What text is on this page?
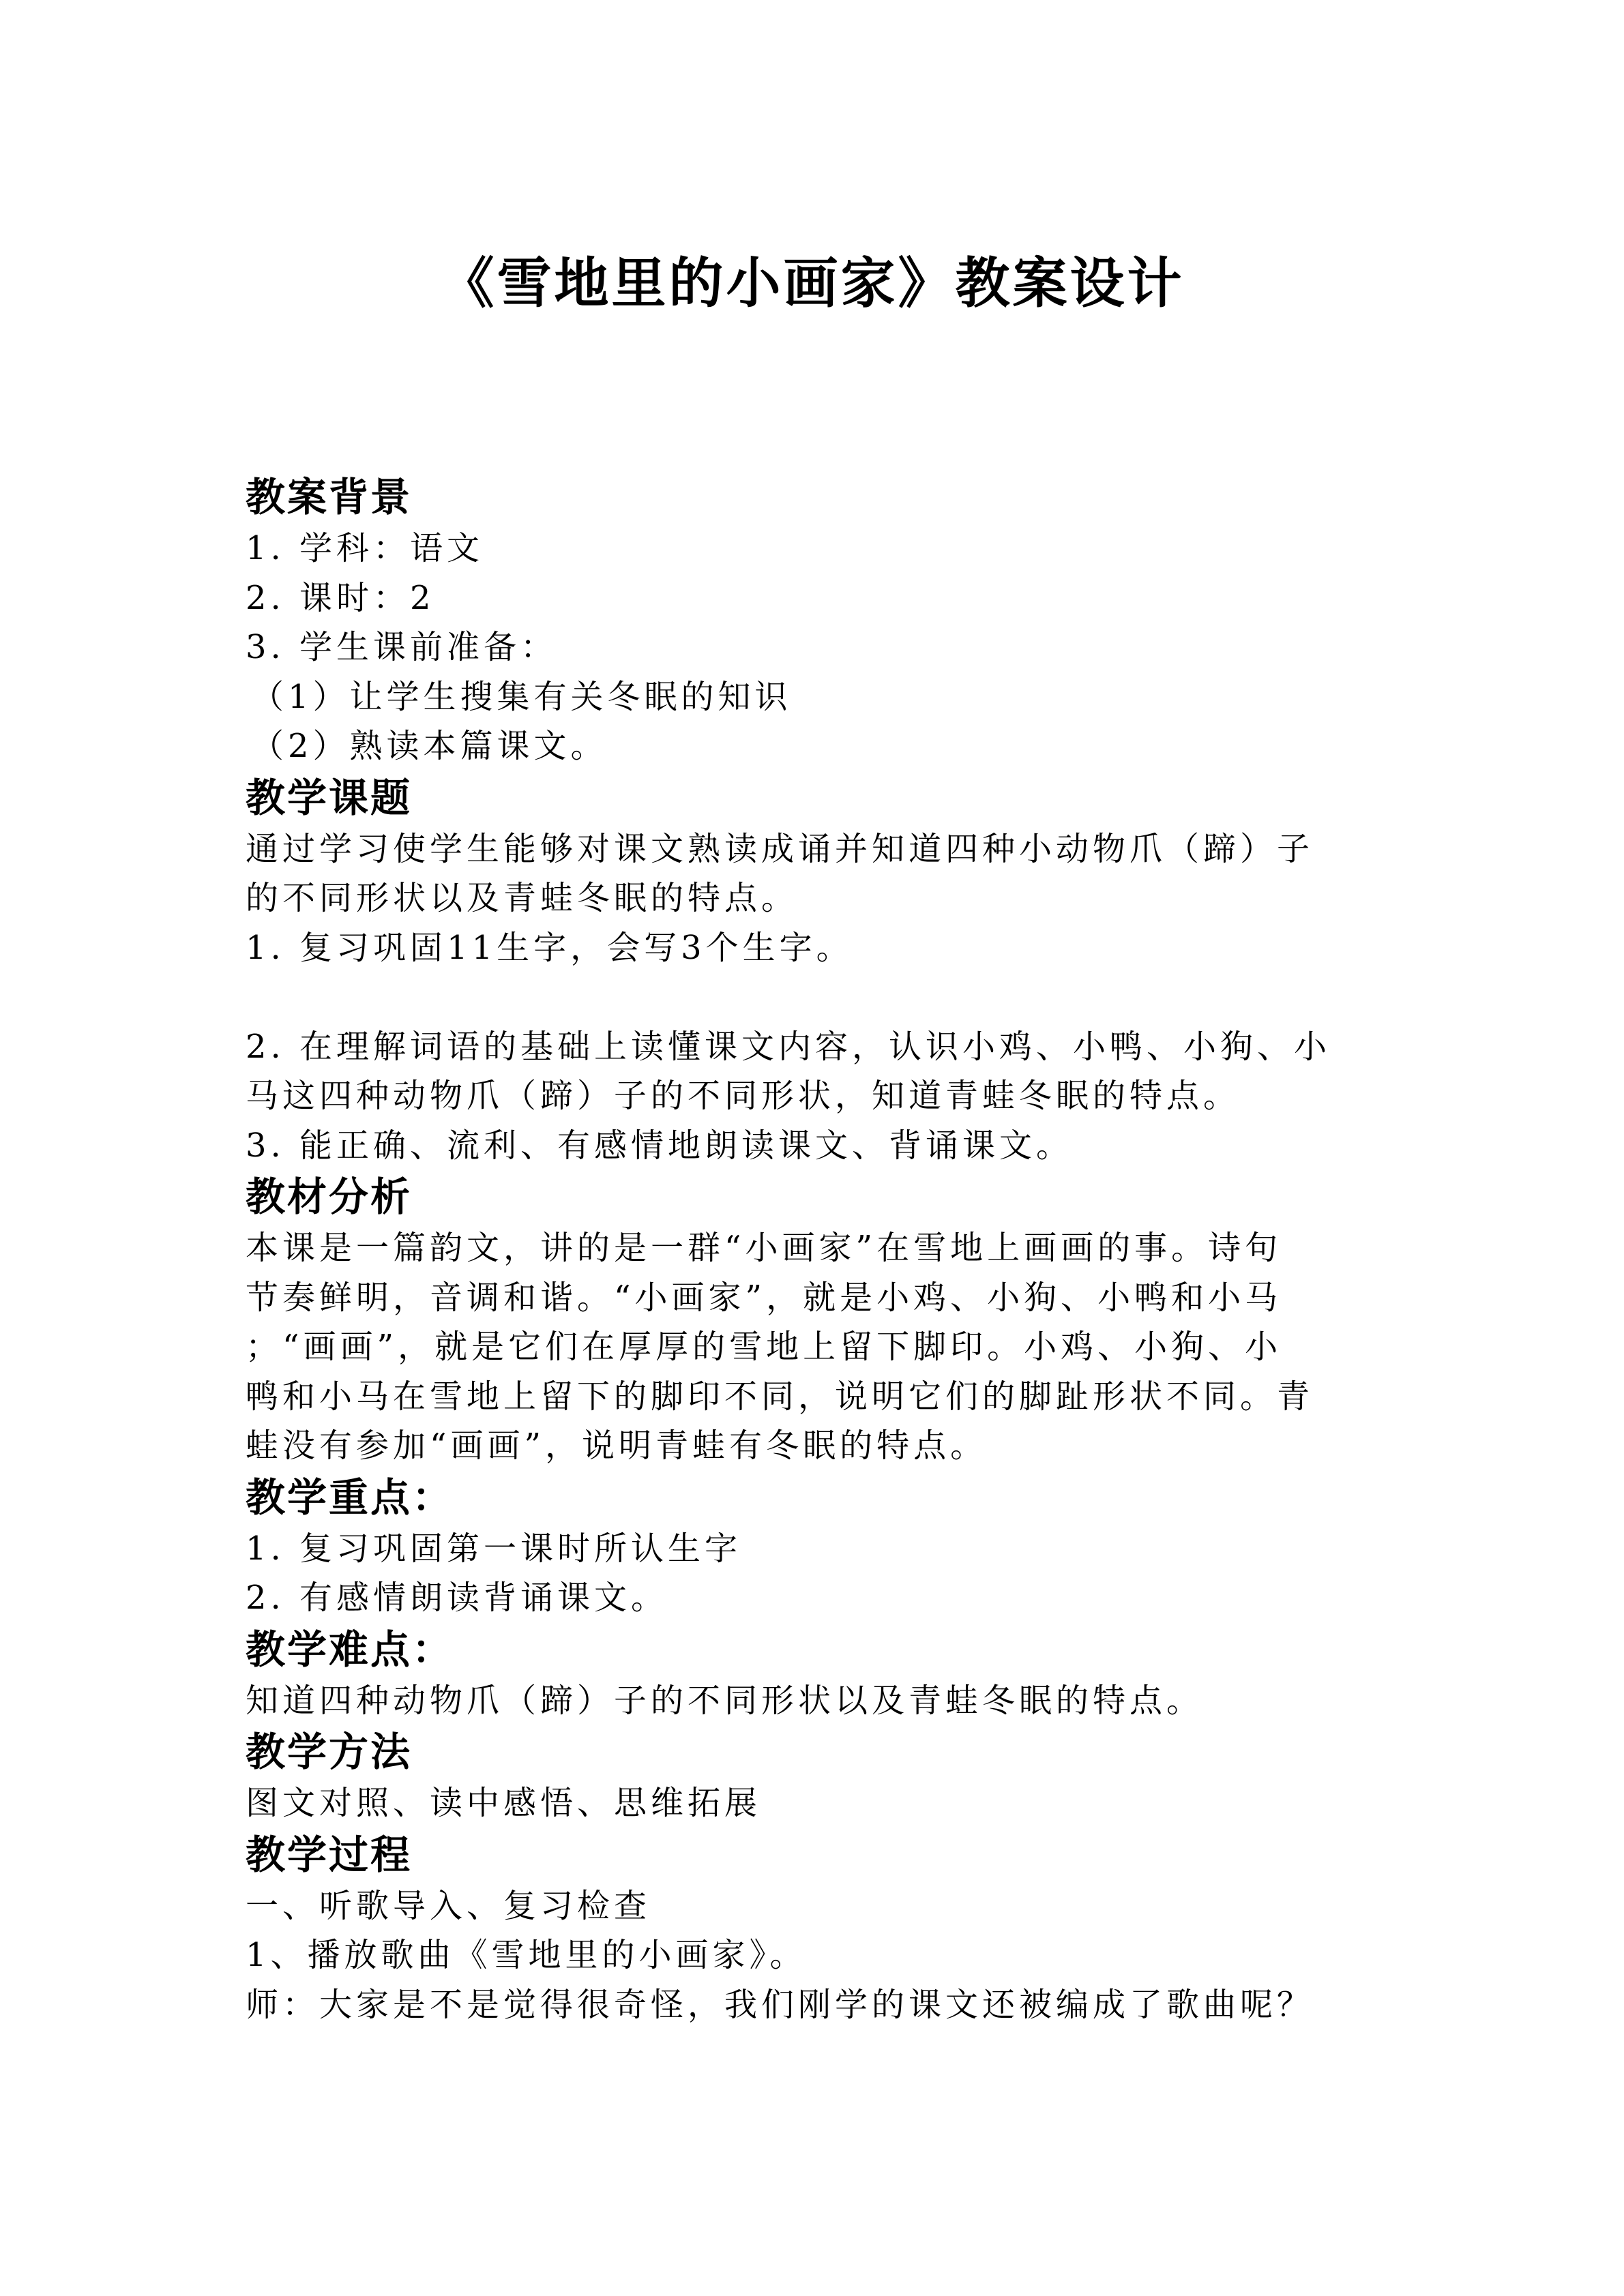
《雪地里的小画家》教案设计
教案背景
1. 学科：语文
2. 课时：2
3. 学生课前准备：
（1）让学生搜集有关冬眠的知识
（2）熟读本篇课文。
教学课题
通过学习使学生能够对课文熟读成诵并知道四种小动物爪（蹄）子
的不同形状以及青蛙冬眠的特点。
1. 复习巩固11生字，会写3个生字。
2. 在理解词语的基础上读懂课文内容，认识小鸡、小鸭、小狗、小
马这四种动物爪（蹄）子的不同形状，知道青蛙冬眠的特点。
3. 能正确、流利、有感情地朗读课文、背诵课文。
教材分析
本课是一篇韵文，讲的是一群“小画家”在雪地上画画的事。诗句
节奏鲜明，音调和谐。“小画家”，就是小鸡、小狗、小鸭和小马
；“画画”，就是它们在厚厚的雪地上留下脚印。小鸡、小狗、小
鸭和小马在雪地上留下的脚印不同，说明它们的脚趾形状不同。青
蛙没有参加“画画”，说明青蛙有冬眠的特点。
教学重点：
1. 复习巩固第一课时所认生字
2. 有感情朗读背诵课文。
教学难点：
知道四种动物爪（蹄）子的不同形状以及青蛙冬眠的特点。
教学方法
图文对照、读中感悟、思维拓展
教学过程
一、听歌导入、复习检查
1、播放歌曲《雪地里的小画家》。
师：大家是不是觉得很奇怪，我们刚学的课文还被编成了歌曲呢？
